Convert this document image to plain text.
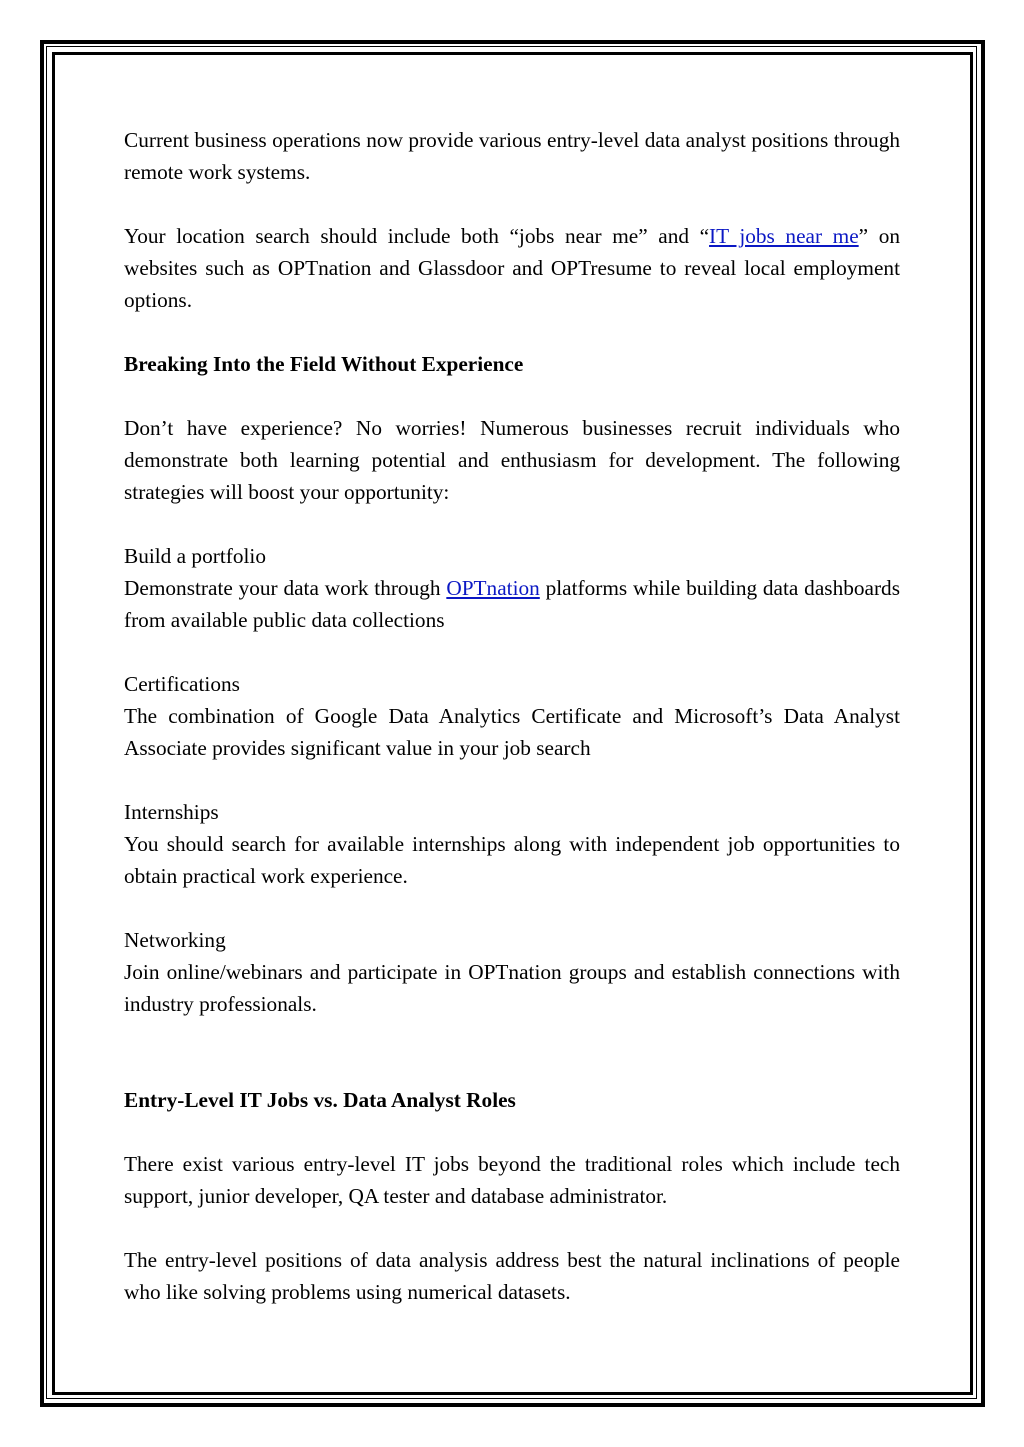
Current business operations now provide various entry-level data analyst positions through remote work systems.

Your location search should include both “jobs near me” and “IT jobs near me” on websites such as OPTnation and Glassdoor and OPTresume to reveal local employment options.

Breaking Into the Field Without Experience

Don’t have experience? No worries! Numerous businesses recruit individuals who demonstrate both learning potential and enthusiasm for development. The following strategies will boost your opportunity:

Build a portfolio

Demonstrate your data work through OPTnation platforms while building data dashboards from available public data collections

Certifications

The combination of Google Data Analytics Certificate and Microsoft’s Data Analyst Associate provides significant value in your job search

Internships

You should search for available internships along with independent job opportunities to obtain practical work experience.

Networking

Join online/webinars and participate in OPTnation groups and establish connections with industry professionals.

Entry-Level IT Jobs vs. Data Analyst Roles

There exist various entry-level IT jobs beyond the traditional roles which include tech support, junior developer, QA tester and database administrator.

The entry-level positions of data analysis address best the natural inclinations of people who like solving problems using numerical datasets.
